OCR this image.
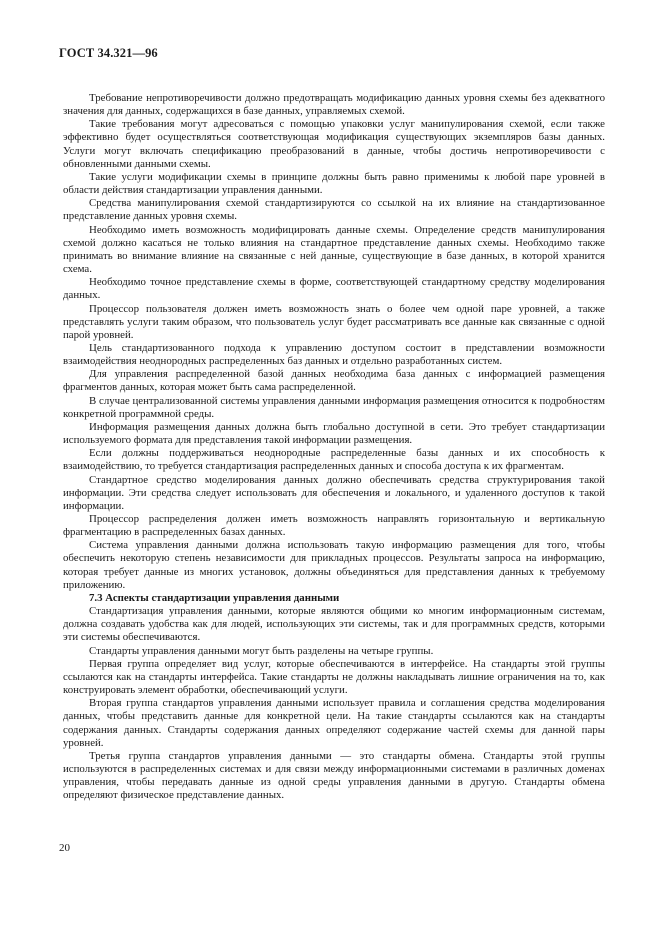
ГОСТ 34.321—96

Требование непротиворечивости должно предотвращать модификацию данных уровня схемы без адекватного значения для данных, содержащихся в базе данных, управляемых схемой.

Такие требования могут адресоваться с помощью упаковки услуг манипулирования схемой, если также эффективно будет осуществляться соответствующая модификация существующих экземпляров базы данных. Услуги могут включать спецификацию преобразований в данные, чтобы достичь непротиворечивости с обновленными данными схемы.

Такие услуги модификации схемы в принципе должны быть равно применимы к любой паре уровней в области действия стандартизации управления данными.

Средства манипулирования схемой стандартизируются со ссылкой на их влияние на стандартизованное представление данных уровня схемы.

Необходимо иметь возможность модифицировать данные схемы. Определение средств манипулирования схемой должно касаться не только влияния на стандартное представление данных схемы. Необходимо также принимать во внимание влияние на связанные с ней данные, существующие в базе данных, в которой хранится схема.

Необходимо точное представление схемы в форме, соответствующей стандартному средству моделирования данных.

Процессор пользователя должен иметь возможность знать о более чем одной паре уровней, а также представлять услуги таким образом, что пользователь услуг будет рассматривать все данные как связанные с одной парой уровней.

Цель стандартизованного подхода к управлению доступом состоит в представлении возможности взаимодействия неоднородных распределенных баз данных и отдельно разработанных систем.

Для управления распределенной базой данных необходима база данных с информацией размещения фрагментов данных, которая может быть сама распределенной.

В случае централизованной системы управления данными информация размещения относится к подробностям конкретной программной среды.

Информация размещения данных должна быть глобально доступной в сети. Это требует стандартизации используемого формата для представления такой информации размещения.

Если должны поддерживаться неоднородные распределенные базы данных и их способность к взаимодействию, то требуется стандартизация распределенных данных и способа доступа к их фрагментам.

Стандартное средство моделирования данных должно обеспечивать средства структурирования такой информации. Эти средства следует использовать для обеспечения и локального, и удаленного доступов к такой информации.

Процессор распределения должен иметь возможность направлять горизонтальную и вертикальную фрагментацию в распределенных базах данных.

Система управления данными должна использовать такую информацию размещения для того, чтобы обеспечить некоторую степень независимости для прикладных процессов. Результаты запроса на информацию, которая требует данные из многих установок, должны объединяться для представления данных к требуемому приложению.

7.3 Аспекты стандартизации управления данными

Стандартизация управления данными, которые являются общими ко многим информационным системам, должна создавать удобства как для людей, использующих эти системы, так и для программных средств, которыми эти системы обеспечиваются.

Стандарты управления данными могут быть разделены на четыре группы.

Первая группа определяет вид услуг, которые обеспечиваются в интерфейсе. На стандарты этой группы ссылаются как на стандарты интерфейса. Такие стандарты не должны накладывать лишние ограничения на то, как конструировать элемент обработки, обеспечивающий услуги.

Вторая группа стандартов управления данными использует правила и соглашения средства моделирования данных, чтобы представить данные для конкретной цели. На такие стандарты ссылаются как на стандарты содержания данных. Стандарты содержания данных определяют содержание частей схемы для данной пары уровней.

Третья группа стандартов управления данными — это стандарты обмена. Стандарты этой группы используются в распределенных системах и для связи между информационными системами в различных доменах управления, чтобы передавать данные из одной среды управления данными в другую. Стандарты обмена определяют физическое представление данных.

20
